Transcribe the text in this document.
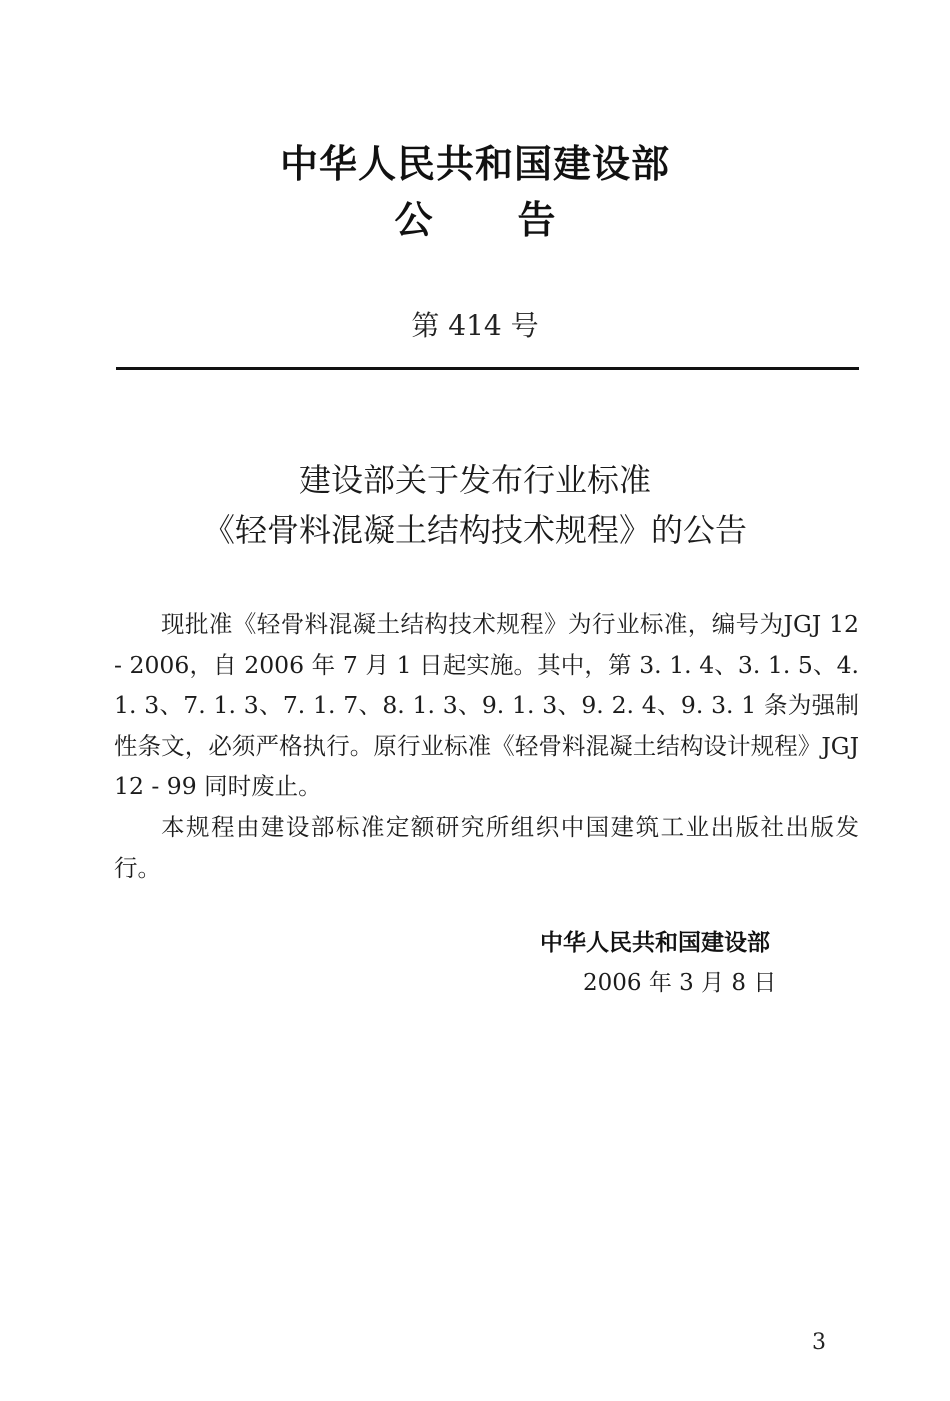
中华人民共和国建设部
公告
第 414 号
建设部关于发布行业标准
《轻骨料混凝土结构技术规程》的公告

现批准《轻骨料混凝土结构技术规程》为行业标准，编号为JGJ 12 - 2006，自 2006 年 7 月 1 日起实施。其中，第 3. 1. 4、3. 1. 5、4. 1. 3、7. 1. 3、7. 1. 7、8. 1. 3、9. 1. 3、9. 2. 4、9. 3. 1 条为强制性条文，必须严格执行。原行业标准《轻骨料混凝土结构设计规程》JGJ 12 - 99 同时废止。

本规程由建设部标准定额研究所组织中国建筑工业出版社出版发行。

中华人民共和国建设部
2006 年 3 月 8 日
3
